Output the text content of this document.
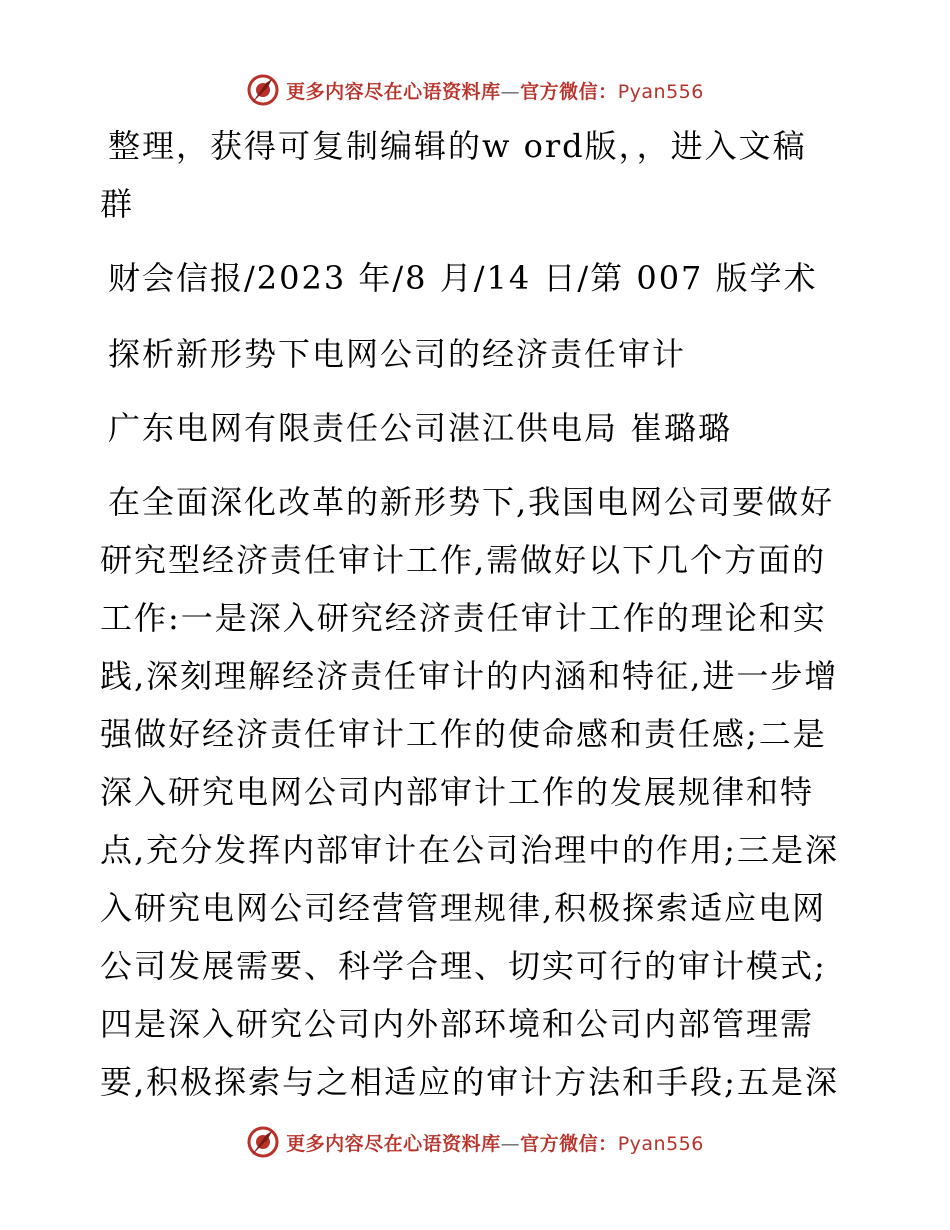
更多内容尽在心语资料库—官方微信：Pyan556
整理，获得可复制编辑的w ord版，，进入文稿
群
财会信报/2023 年/8 月/14 日/第 007 版学术
探析新形势下电网公司的经济责任审计
广东电网有限责任公司湛江供电局 崔璐璐
在全面深化改革的新形势下,我国电网公司要做好
研究型经济责任审计工作,需做好以下几个方面的
工作:一是深入研究经济责任审计工作的理论和实
践,深刻理解经济责任审计的内涵和特征,进一步增
强做好经济责任审计工作的使命感和责任感;二是
深入研究电网公司内部审计工作的发展规律和特
点,充分发挥内部审计在公司治理中的作用;三是深
入研究电网公司经营管理规律,积极探索适应电网
公司发展需要、科学合理、切实可行的审计模式;
四是深入研究公司内外部环境和公司内部管理需
要,积极探索与之相适应的审计方法和手段;五是深
更多内容尽在心语资料库—官方微信：Pyan556
